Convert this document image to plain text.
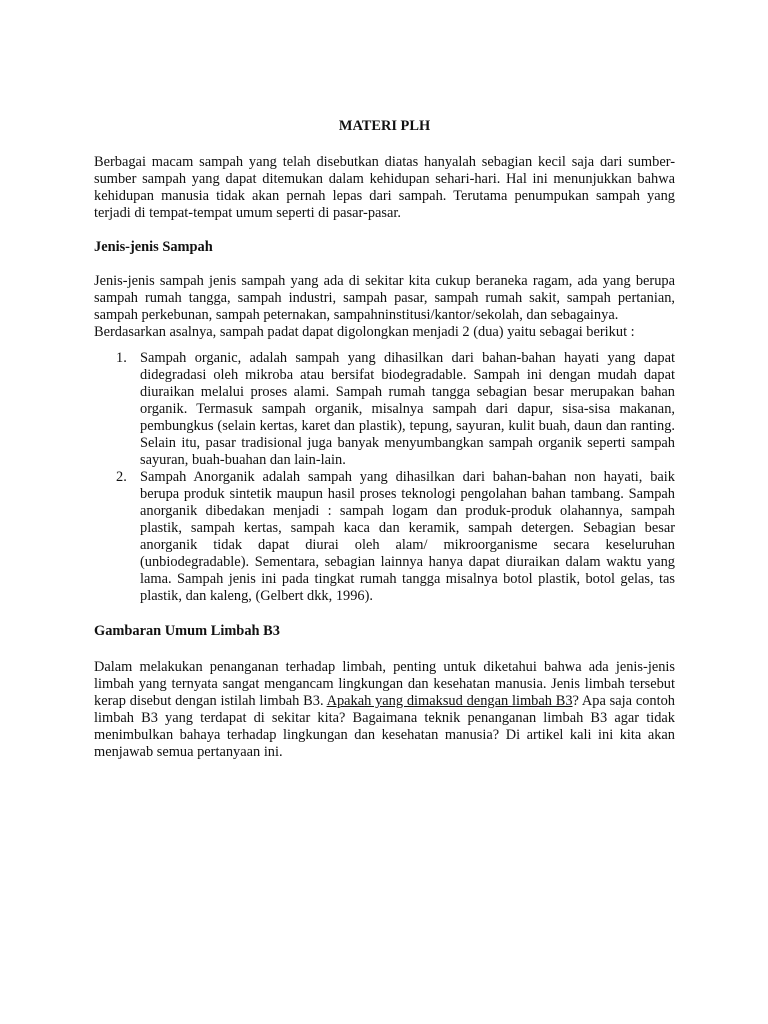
MATERI PLH

Berbagai macam sampah yang telah disebutkan diatas hanyalah sebagian kecil saja dari sumber- sumber sampah yang dapat ditemukan dalam kehidupan sehari-hari. Hal ini menunjukkan bahwa kehidupan manusia tidak akan pernah lepas dari sampah. Terutama penumpukan sampah yang terjadi di tempat-tempat umum seperti di pasar-pasar.

Jenis-jenis Sampah

Jenis-jenis sampah jenis sampah yang ada di sekitar kita cukup beraneka ragam, ada yang berupa sampah rumah tangga, sampah industri, sampah pasar, sampah rumah sakit, sampah pertanian, sampah perkebunan, sampah peternakan, sampahninstitusi/kantor/sekolah, dan sebagainya.

Berdasarkan asalnya, sampah padat dapat digolongkan menjadi 2 (dua) yaitu sebagai berikut :

1. Sampah organic, adalah sampah yang dihasilkan dari bahan-bahan hayati yang dapat didegradasi oleh mikroba atau bersifat biodegradable. Sampah ini dengan mudah dapat diuraikan melalui proses alami. Sampah rumah tangga sebagian besar merupakan bahan organik. Termasuk sampah organik, misalnya sampah dari dapur, sisa-sisa makanan, pembungkus (selain kertas, karet dan plastik), tepung, sayuran, kulit buah, daun dan ranting. Selain itu, pasar tradisional juga banyak menyumbangkan sampah organik seperti sampah sayuran, buah-buahan dan lain-lain.
2. Sampah Anorganik adalah sampah yang dihasilkan dari bahan-bahan non hayati, baik berupa produk sintetik maupun hasil proses teknologi pengolahan bahan tambang. Sampah anorganik dibedakan menjadi : sampah logam dan produk-produk olahannya, sampah plastik, sampah kertas, sampah kaca dan keramik, sampah detergen. Sebagian besar anorganik tidak dapat diurai oleh alam/ mikroorganisme secara keseluruhan (unbiodegradable). Sementara, sebagian lainnya hanya dapat diuraikan dalam waktu yang lama. Sampah jenis ini pada tingkat rumah tangga misalnya botol plastik, botol gelas, tas plastik, dan kaleng, (Gelbert dkk, 1996).

Gambaran Umum Limbah B3

Dalam melakukan penanganan terhadap limbah, penting untuk diketahui bahwa ada jenis-jenis limbah yang ternyata sangat mengancam lingkungan dan kesehatan manusia. Jenis limbah tersebut kerap disebut dengan istilah limbah B3. Apakah yang dimaksud dengan limbah B3? Apa saja contoh limbah B3 yang terdapat di sekitar kita? Bagaimana teknik penanganan limbah B3 agar tidak menimbulkan bahaya terhadap lingkungan dan kesehatan manusia? Di artikel kali ini kita akan menjawab semua pertanyaan ini.
